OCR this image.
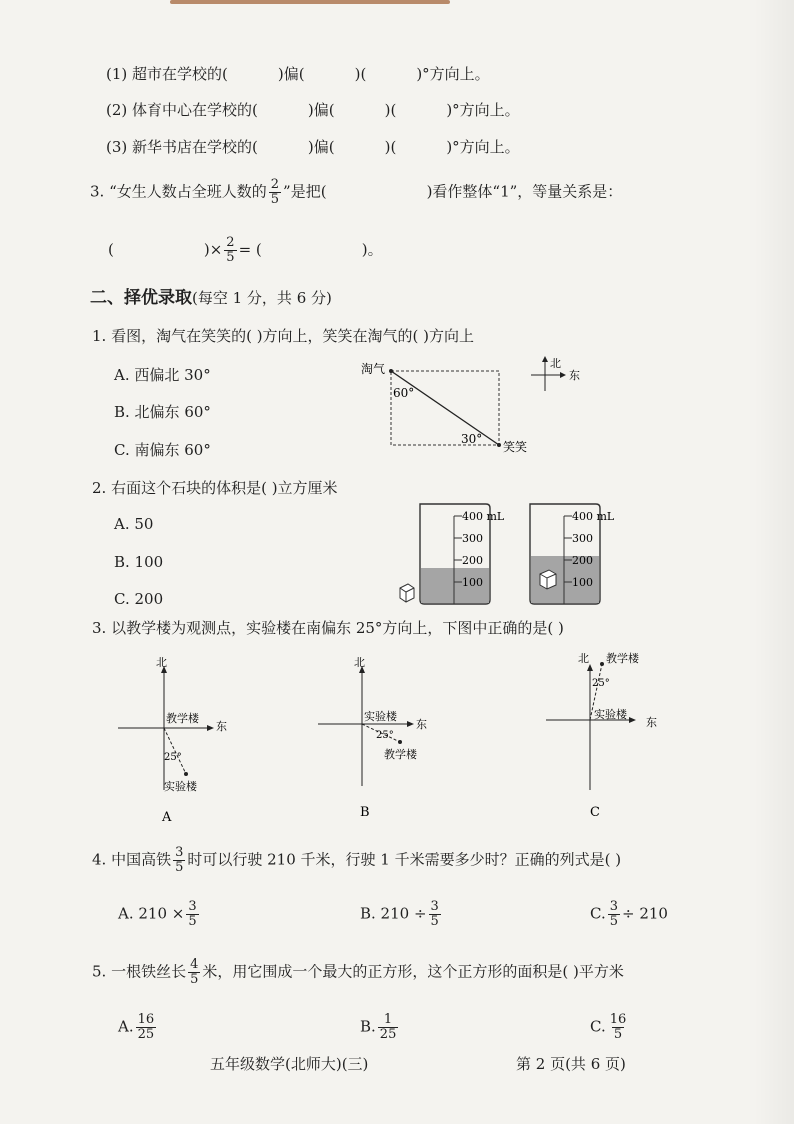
(1) 超市在学校的(	)偏(	)(	)°方向上。
(2) 体育中心在学校的(	)偏(	)(	)°方向上。
(3) 新华书店在学校的(	)偏(	)(	)°方向上。
3. “女生人数占全班人数的 $\frac{2}{5}$ ”是把(	)看作整体“1”，等量关系是：
(	)× $\frac{2}{5}$ = (	)。
二、择优录取(每空 1 分，共 6 分)
1. 看图，淘气在笑笑的( )方向上，笑笑在淘气的( )方向上
A. 西偏北 30°
B. 北偏东 60°
C. 南偏东 60°
淘气
笑笑
60°
30°
北
东
2. 右面这个石块的体积是( )立方厘米
A. 50
B. 100
C. 200
400 mL
300
200
100
400 mL
300
200
100
3. 以教学楼为观测点，实验楼在南偏东 25°方向上，下图中正确的是( )
北
东
教学楼
25°
实验楼
A
北
东
实验楼
25°
教学楼
B
北
东
教学楼
25°
实验楼
C
4. 中国高铁 $\frac{3}{5}$ 时可以行驶 210 千米，行驶 1 千米需要多少时？正确的列式是( )
A. $210 \times \frac{3}{5}$	B. $210 \div \frac{3}{5}$	C. $\frac{3}{5} \div 210$
5. 一根铁丝长 $\frac{4}{5}$ 米，用它围成一个最大的正方形，这个正方形的面积是( )平方米
A. $\frac{16}{25}$	B. $\frac{1}{25}$	C. $\frac{16}{5}$
五年级数学(北师大)(三)	第 2 页(共 6 页)
